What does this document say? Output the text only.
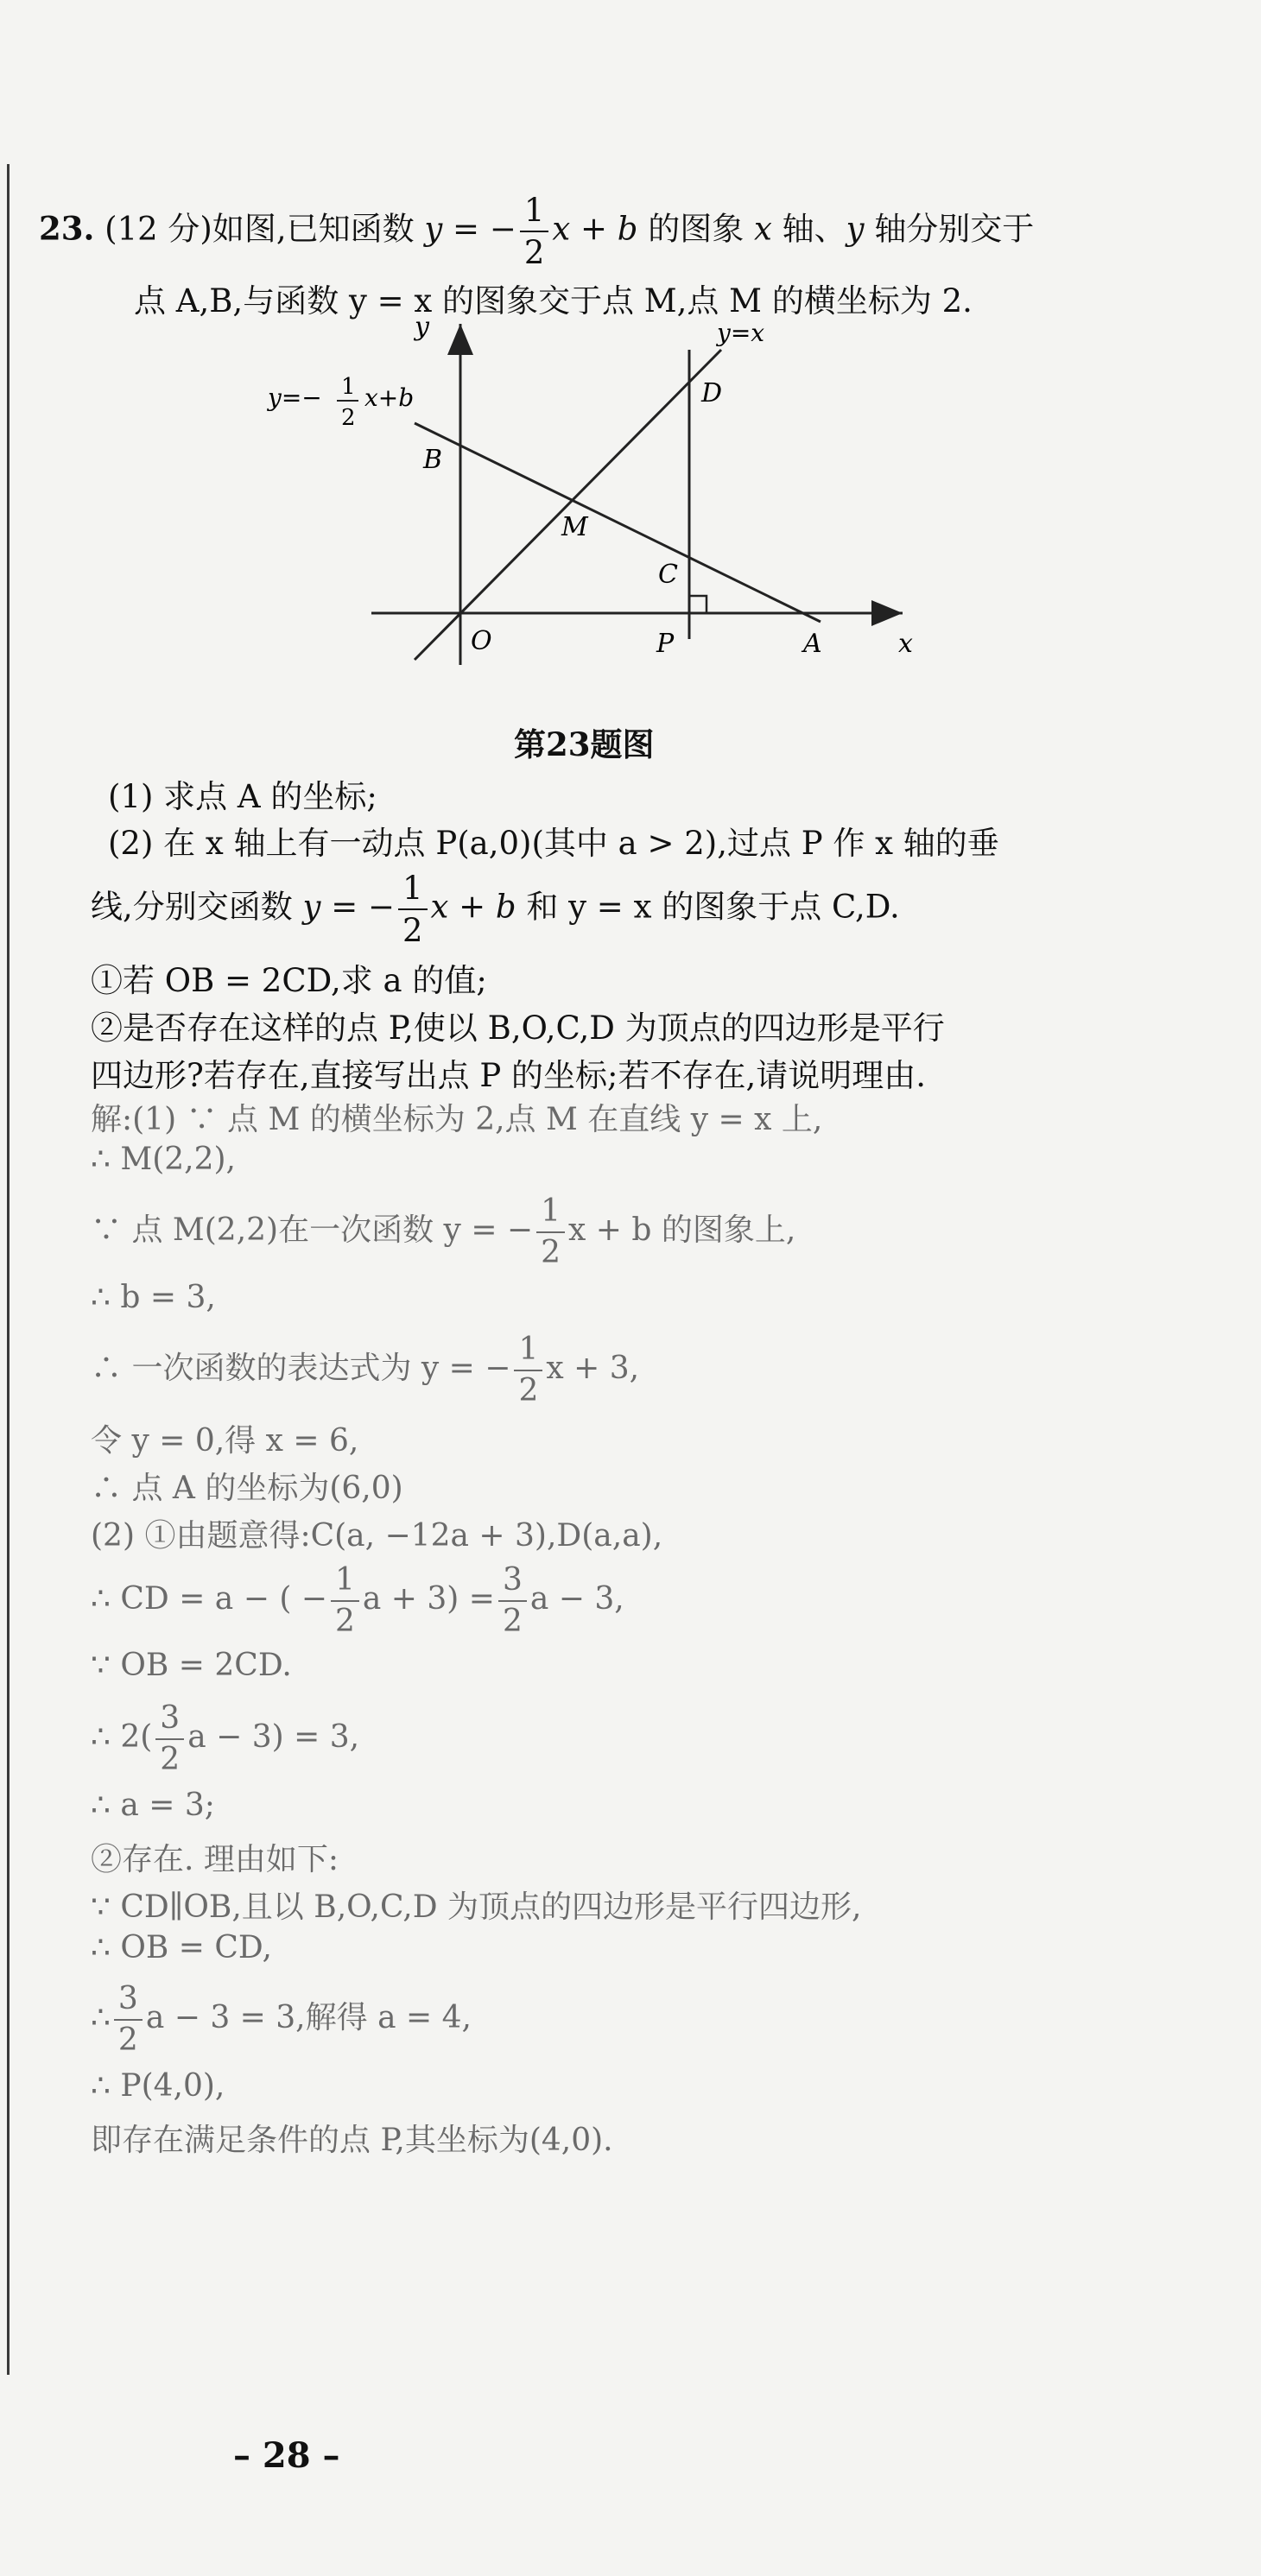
23. (12 分)如图,已知函数 y = − $\frac{1}{2}$ x + b 的图象 x 轴、y 轴分别交于
点 A,B,与函数 y = x 的图象交于点 M,点 M 的横坐标为 2.
y
x
B
M
C
D
O	P	A
y=x
y=− 1
2
x+b
第23题图
(1) 求点 A 的坐标;
(2) 在 x 轴上有一动点 P(a,0)(其中 a > 2),过点 P 作 x 轴的垂
线,分别交函数 y = − $\frac{1}{2}$ x + b 和 y = x 的图象于点 C,D.
①若 OB = 2CD,求 a 的值;
②是否存在这样的点 P,使以 B,O,C,D 为顶点的四边形是平行
四边形?若存在,直接写出点 P 的坐标;若不存在,请说明理由.
解:(1) ∵ 点 M 的横坐标为 2,点 M 在直线 y = x 上,
∴ M(2,2),
∵ 点 M(2,2)在一次函数 y = − $\frac{1}{2}$ x + b 的图象上,
∴ b = 3,
∴ 一次函数的表达式为 y = − $\frac{1}{2}$ x + 3,
令 y = 0,得 x = 6,
∴ 点 A 的坐标为(6,0)
(2) ①由题意得:C(a, −12a + 3),D(a,a),
∴ CD = a − ( − $\frac{1}{2}$ $a + 3) = \frac{3}{2}$ a − 3,
∵ OB = 2CD.
∴ $2( \frac{3}{2}$ a − 3) = 3,
∴ a = 3;
②存在. 理由如下:
∵ CD∥OB,且以 B,O,C,D 为顶点的四边形是平行四边形,
∴ OB = CD,
∴ $\frac{3}{2}$ a − 3 = 3,解得 a = 4,
∴ P(4,0),
即存在满足条件的点 P,其坐标为(4,0).
– 28 –
